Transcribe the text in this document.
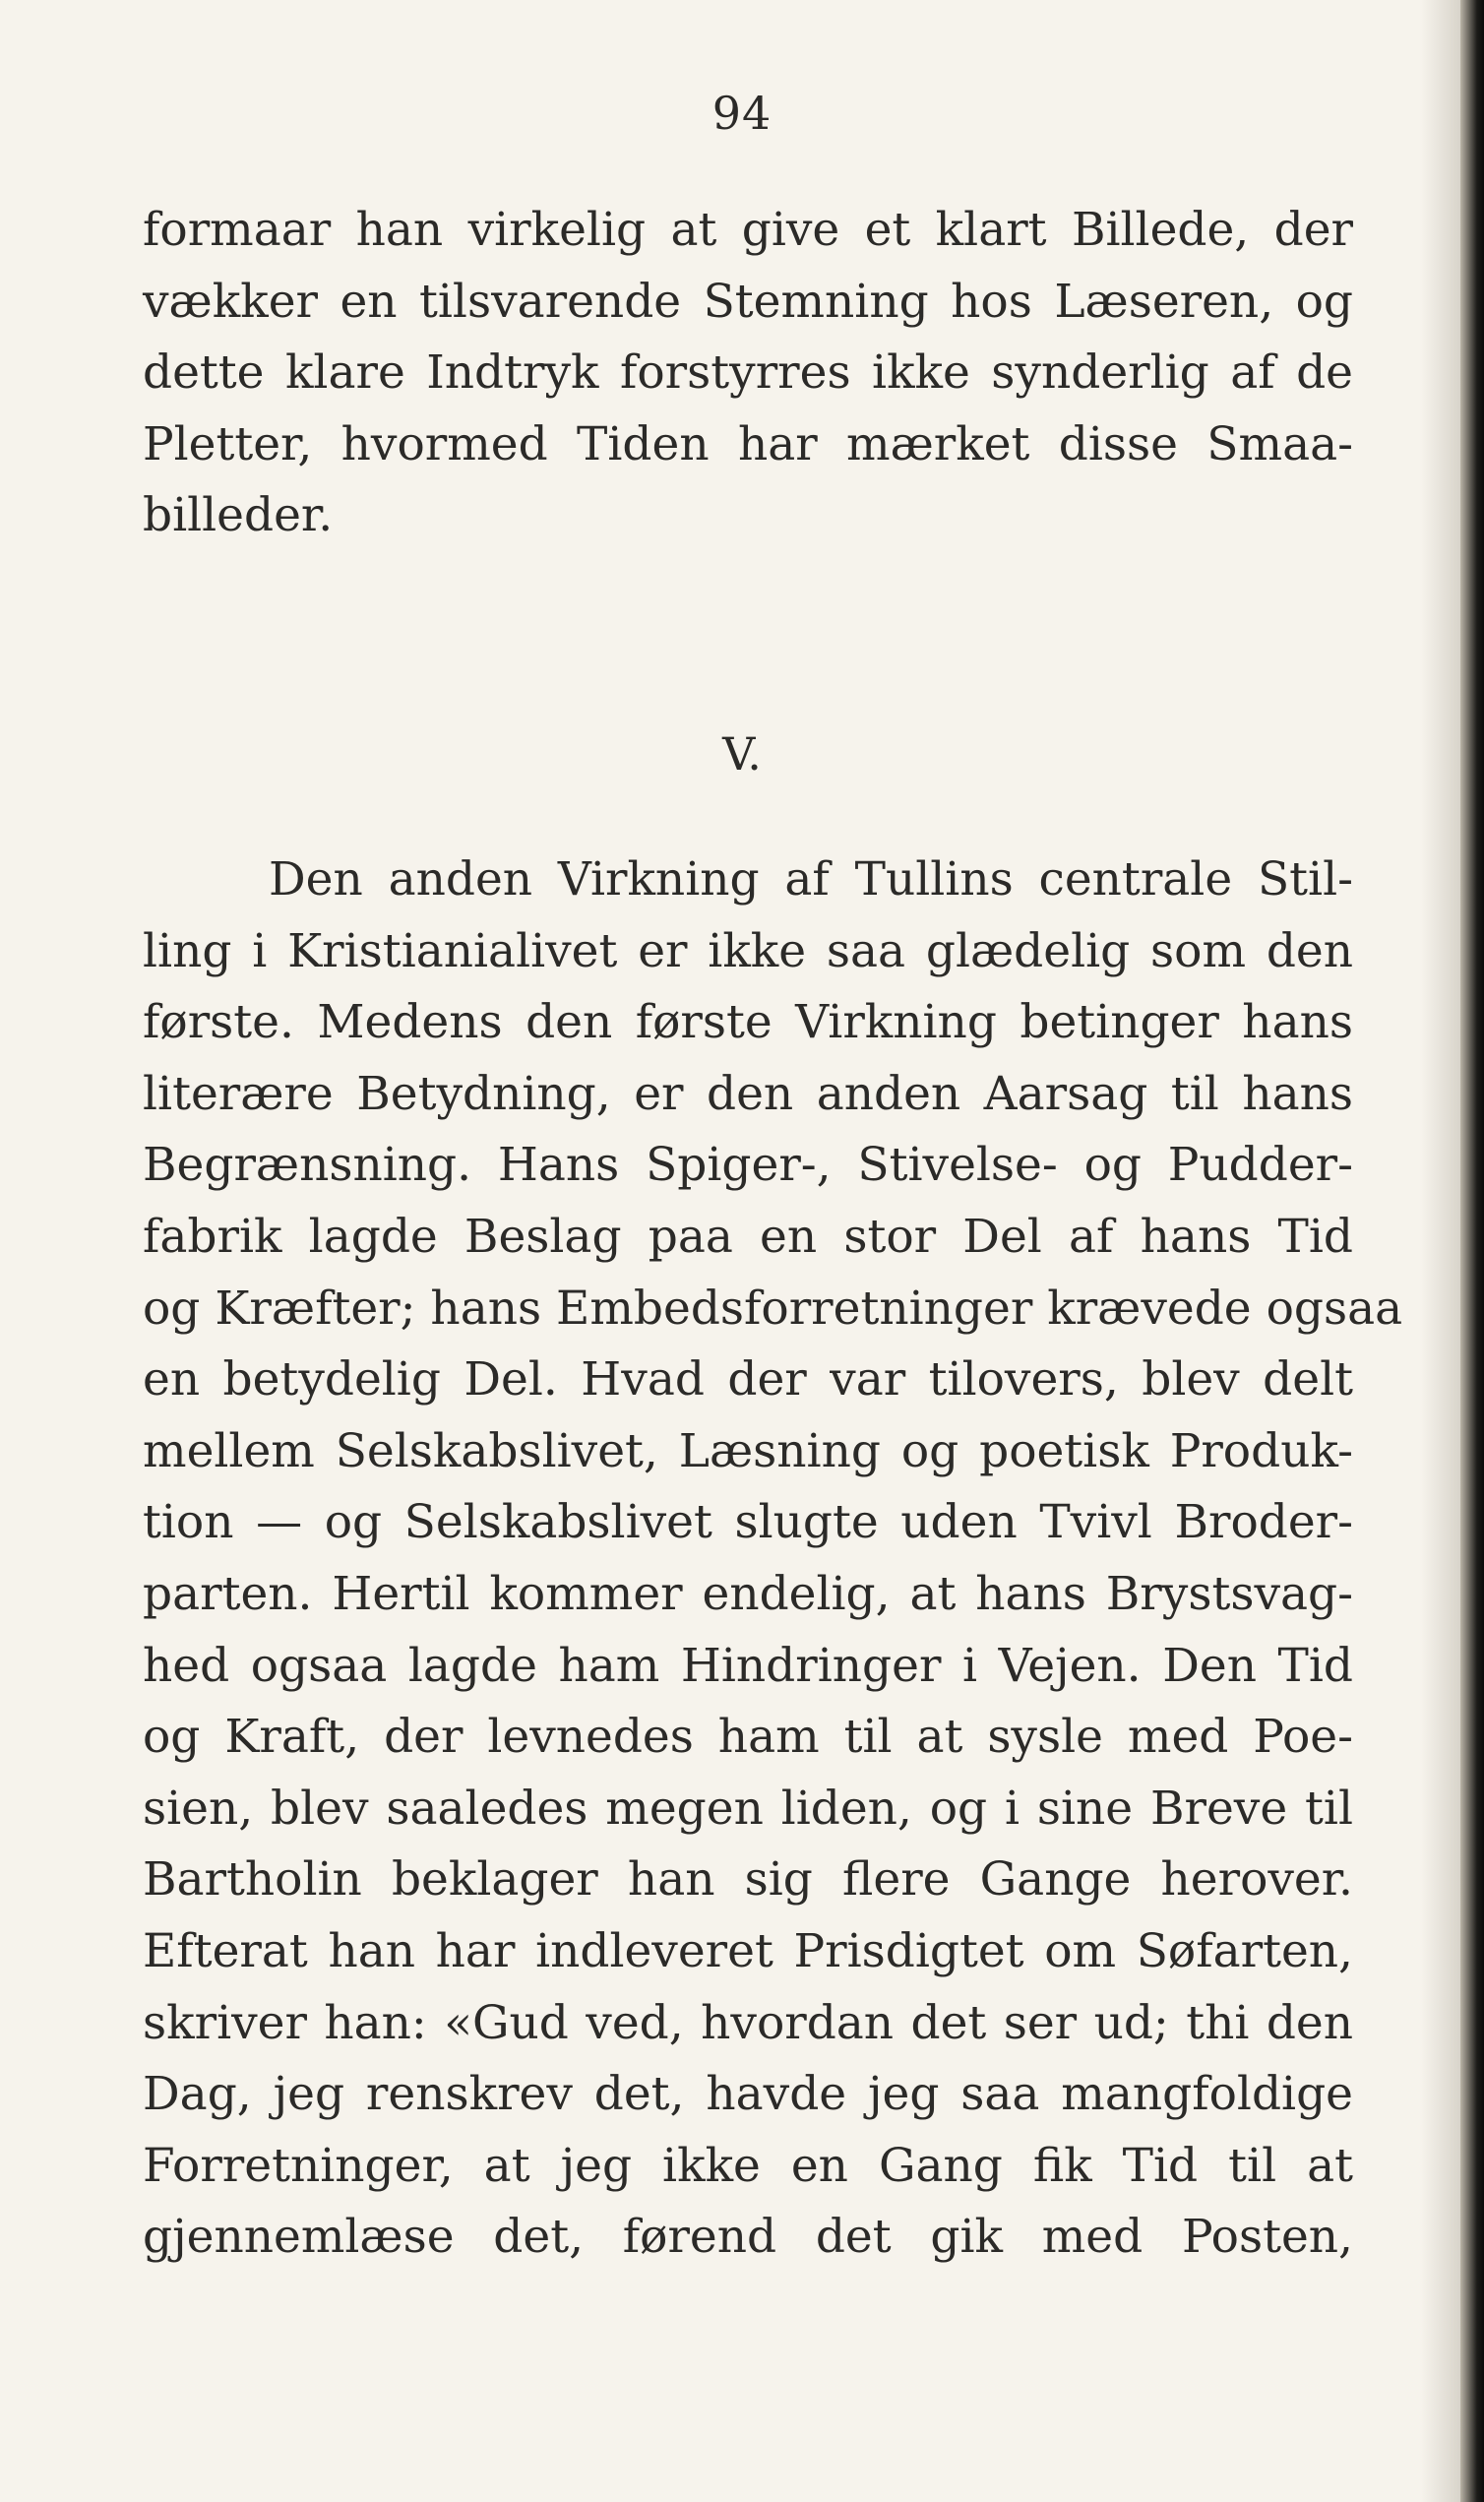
94
formaar han virkelig at give et klart Billede, der
vækker en tilsvarende Stemning hos Læseren, og
dette klare Indtryk forstyrres ikke synderlig af de
Pletter, hvormed Tiden har mærket disse Smaa-
billeder.
V.
Den anden Virkning af Tullins centrale Stil-
ling i Kristianialivet er ikke saa glædelig som den
første. Medens den første Virkning betinger hans
literære Betydning, er den anden Aarsag til hans
Begrænsning. Hans Spiger-, Stivelse- og Pudder-
fabrik lagde Beslag paa en stor Del af hans Tid
og Kræfter; hans Embedsforretninger krævede ogsaa
en betydelig Del. Hvad der var tilovers, blev delt
mellem Selskabslivet, Læsning og poetisk Produk-
tion — og Selskabslivet slugte uden Tvivl Broder-
parten. Hertil kommer endelig, at hans Brystsvag-
hed ogsaa lagde ham Hindringer i Vejen. Den Tid
og Kraft, der levnedes ham til at sysle med Poe-
sien, blev saaledes megen liden, og i sine Breve til
Bartholin beklager han sig flere Gange herover.
Efterat han har indleveret Prisdigtet om Søfarten,
skriver han: «Gud ved, hvordan det ser ud; thi den
Dag, jeg renskrev det, havde jeg saa mangfoldige
Forretninger, at jeg ikke en Gang fik Tid til at
gjennemlæse det, førend det gik med Posten,
